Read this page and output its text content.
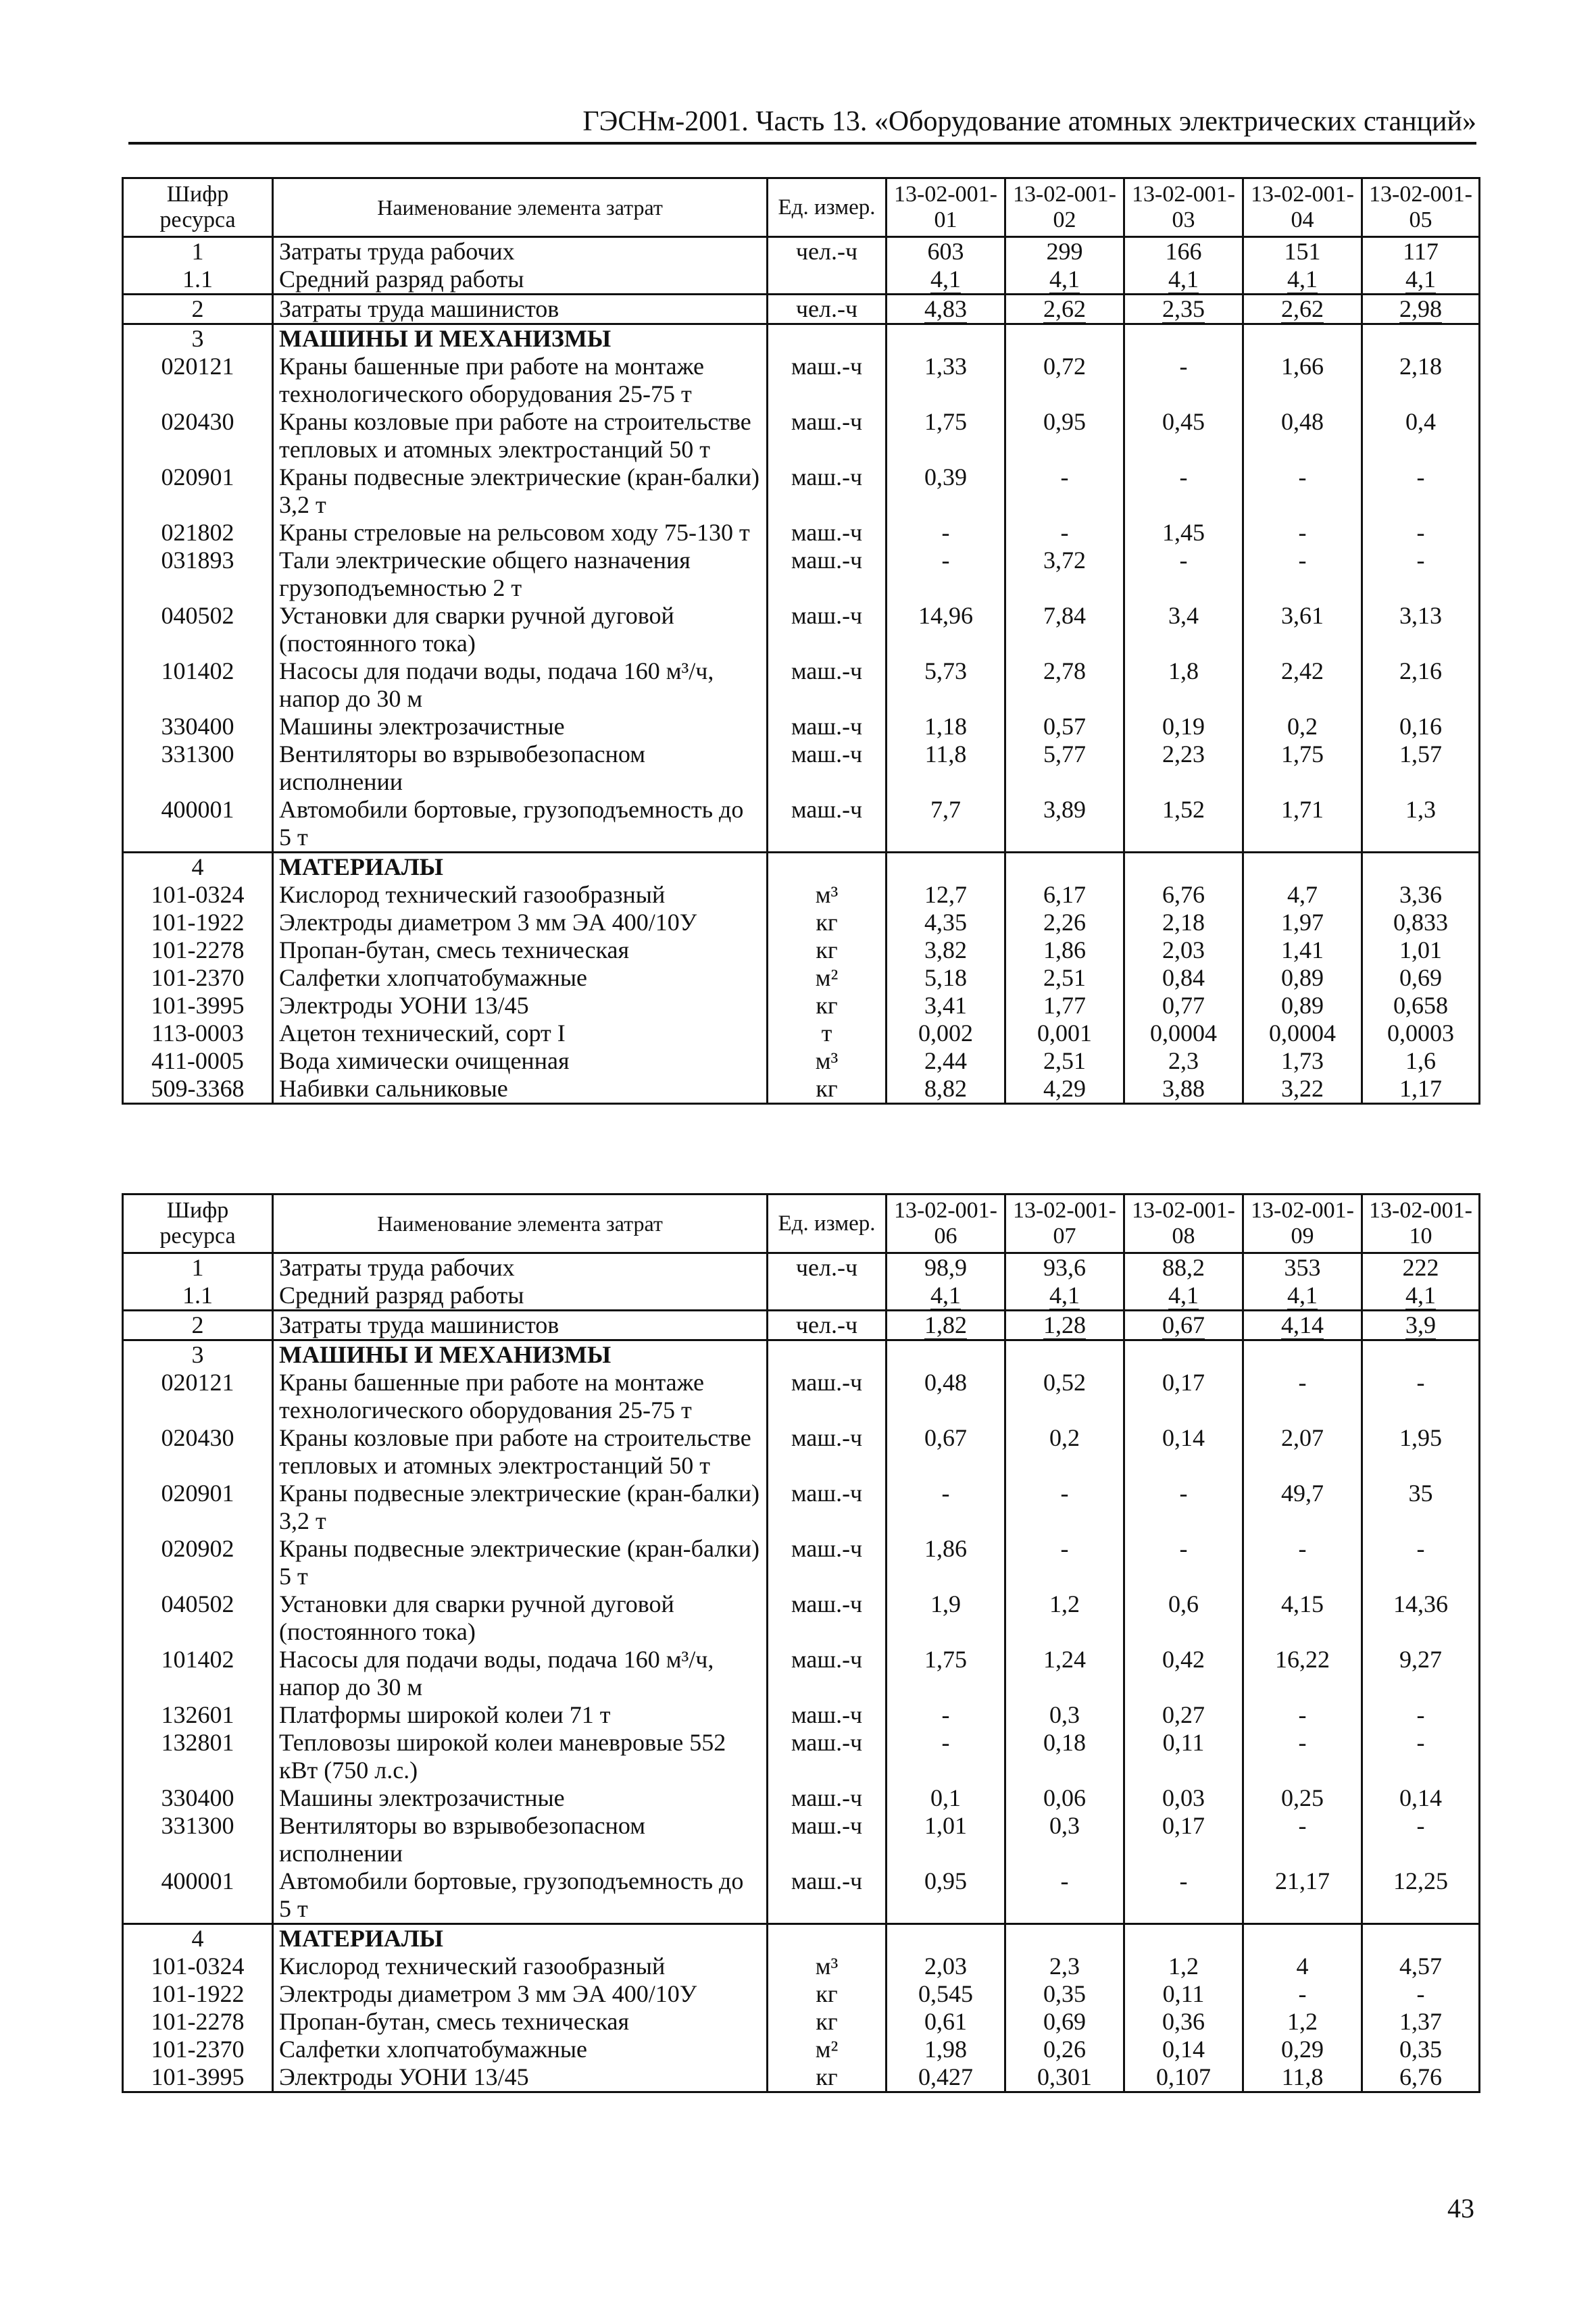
ГЭСНм-2001. Часть 13. «Оборудование атомных электрических станций»
Шифр ресурса	Наименование элемента затрат	Ед. измер.	13-02-001-01	13-02-001-02	13-02-001-03	13-02-001-04	13-02-001-05
1	Затраты труда рабочих	чел.-ч	603	299	166	151	117
1.1	Средний разряд работы		4,1	4,1	4,1	4,1	4,1
2	Затраты труда машинистов	чел.-ч	4,83	2,62	2,35	2,62	2,98
3	МАШИНЫ И МЕХАНИЗМЫ						
020121	Краны башенные при работе на монтаже технологического оборудования 25-75 т	маш.-ч	1,33	0,72	-	1,66	2,18
020430	Краны козловые при работе на строительстве тепловых и атомных электростанций 50 т	маш.-ч	1,75	0,95	0,45	0,48	0,4
020901	Краны подвесные электрические (кран-балки) 3,2 т	маш.-ч	0,39	-	-	-	-
021802	Краны стреловые на рельсовом ходу 75-130 т	маш.-ч	-	-	1,45	-	-
031893	Тали электрические общего назначения грузоподъемностью 2 т	маш.-ч	-	3,72	-	-	-
040502	Установки для сварки ручной дуговой (постоянного тока)	маш.-ч	14,96	7,84	3,4	3,61	3,13
101402	Насосы для подачи воды, подача 160 м³/ч, напор до 30 м	маш.-ч	5,73	2,78	1,8	2,42	2,16
330400	Машины электрозачистные	маш.-ч	1,18	0,57	0,19	0,2	0,16
331300	Вентиляторы во взрывобезопасном исполнении	маш.-ч	11,8	5,77	2,23	1,75	1,57
400001	Автомобили бортовые, грузоподъемность до 5 т	маш.-ч	7,7	3,89	1,52	1,71	1,3
4	МАТЕРИАЛЫ						
101-0324	Кислород технический газообразный	м³	12,7	6,17	6,76	4,7	3,36
101-1922	Электроды диаметром 3 мм ЭА 400/10У	кг	4,35	2,26	2,18	1,97	0,833
101-2278	Пропан-бутан, смесь техническая	кг	3,82	1,86	2,03	1,41	1,01
101-2370	Салфетки хлопчатобумажные	м²	5,18	2,51	0,84	0,89	0,69
101-3995	Электроды УОНИ 13/45	кг	3,41	1,77	0,77	0,89	0,658
113-0003	Ацетон технический, сорт I	т	0,002	0,001	0,0004	0,0004	0,0003
411-0005	Вода химически очищенная	м³	2,44	2,51	2,3	1,73	1,6
509-3368	Набивки сальниковые	кг	8,82	4,29	3,88	3,22	1,17
Шифр ресурса	Наименование элемента затрат	Ед. измер.	13-02-001-06	13-02-001-07	13-02-001-08	13-02-001-09	13-02-001-10
1	Затраты труда рабочих	чел.-ч	98,9	93,6	88,2	353	222
1.1	Средний разряд работы		4,1	4,1	4,1	4,1	4,1
2	Затраты труда машинистов	чел.-ч	1,82	1,28	0,67	4,14	3,9
3	МАШИНЫ И МЕХАНИЗМЫ						
020121	Краны башенные при работе на монтаже технологического оборудования 25-75 т	маш.-ч	0,48	0,52	0,17	-	-
020430	Краны козловые при работе на строительстве тепловых и атомных электростанций 50 т	маш.-ч	0,67	0,2	0,14	2,07	1,95
020901	Краны подвесные электрические (кран-балки) 3,2 т	маш.-ч	-	-	-	49,7	35
020902	Краны подвесные электрические (кран-балки) 5 т	маш.-ч	1,86	-	-	-	-
040502	Установки для сварки ручной дуговой (постоянного тока)	маш.-ч	1,9	1,2	0,6	4,15	14,36
101402	Насосы для подачи воды, подача 160 м³/ч, напор до 30 м	маш.-ч	1,75	1,24	0,42	16,22	9,27
132601	Платформы широкой колеи 71 т	маш.-ч	-	0,3	0,27	-	-
132801	Тепловозы широкой колеи маневровые 552 кВт (750 л.с.)	маш.-ч	-	0,18	0,11	-	-
330400	Машины электрозачистные	маш.-ч	0,1	0,06	0,03	0,25	0,14
331300	Вентиляторы во взрывобезопасном исполнении	маш.-ч	1,01	0,3	0,17	-	-
400001	Автомобили бортовые, грузоподъемность до 5 т	маш.-ч	0,95	-	-	21,17	12,25
4	МАТЕРИАЛЫ						
101-0324	Кислород технический газообразный	м³	2,03	2,3	1,2	4	4,57
101-1922	Электроды диаметром 3 мм ЭА 400/10У	кг	0,545	0,35	0,11	-	-
101-2278	Пропан-бутан, смесь техническая	кг	0,61	0,69	0,36	1,2	1,37
101-2370	Салфетки хлопчатобумажные	м²	1,98	0,26	0,14	0,29	0,35
101-3995	Электроды УОНИ 13/45	кг	0,427	0,301	0,107	11,8	6,76
43
